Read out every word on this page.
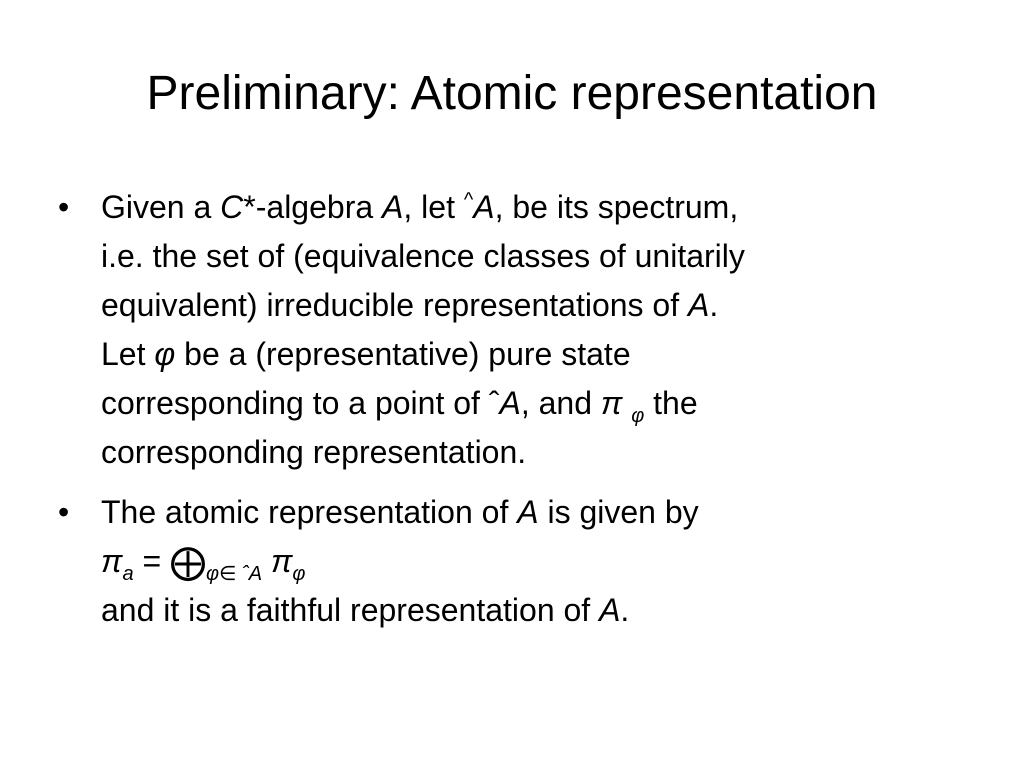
Preliminary: Atomic representation
• Given a C*-algebra A, let ^A, be its spectrum,
i.e. the set of (equivalence classes of unitarily
equivalent) irreducible representations of A.
Let φ be a (representative) pure state
corresponding to a point of ˆA, and π $_\varphi$ the
corresponding representation.
• The atomic representation of A is given by
$\pi_a$ = $⨁_{\varphi\in ˆA}$ $\pi_\varphi$
and it is a faithful representation of A.
